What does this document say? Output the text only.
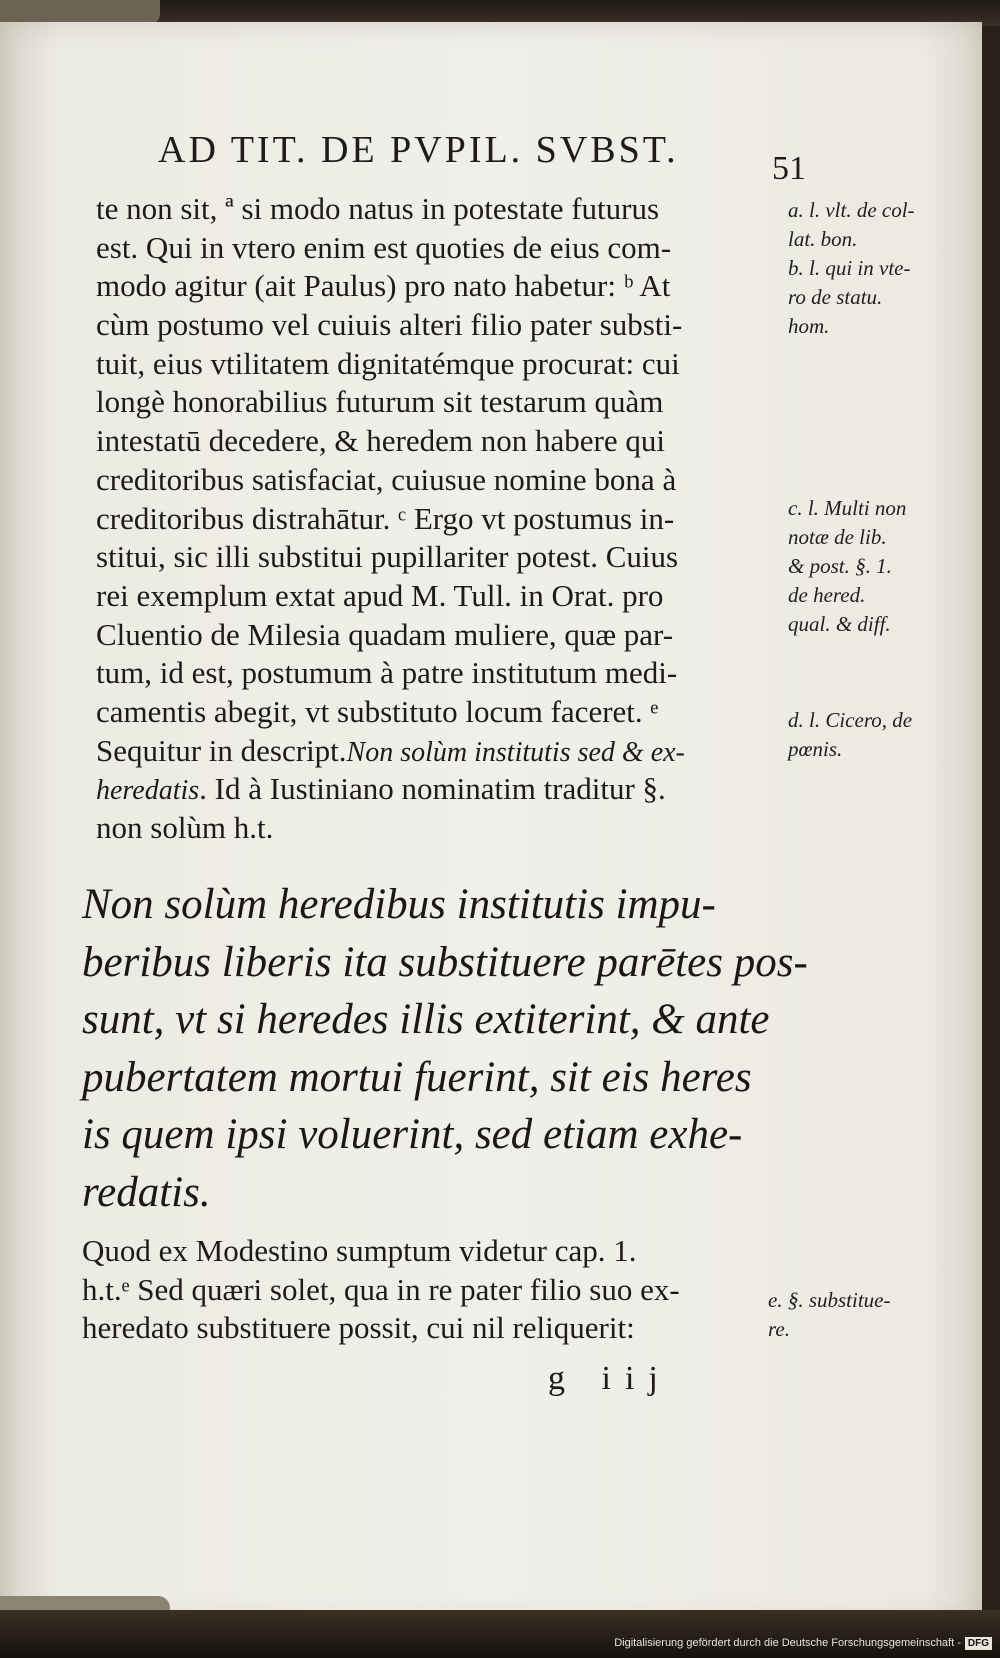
AD TIT. DE PVPIL. SVBST.	51
te non sit, ª si modo natus in potestate futurus
est. Qui in vtero enim est quoties de eius com-
modo agitur (ait Paulus) pro nato habetur: ᵇ At
cùm postumo vel cuiuis alteri filio pater substi-
tuit, eius vtilitatem dignitatémque procurat: cui
longè honorabilius futurum sit testarum quàm
intestatū decedere, & heredem non habere qui
creditoribus satisfaciat, cuiusue nomine bona à
creditoribus distrahātur. ᶜ Ergo vt postumus in-
stitui, sic illi substitui pupillariter potest. Cuius
rei exemplum extat apud M. Tull. in Orat. pro
Cluentio de Milesia quadam muliere, quæ par-
tum, id est, postumum à patre institutum medi-
camentis abegit, vt substituto locum faceret. ᵉ
Sequitur in descript.Non solùm institutis sed & ex-
heredatis. Id à Iustiniano nominatim traditur §.
non solùm h.t.
Non solùm heredibus institutis impu-
beribus liberis ita substituere parētes pos-
sunt, vt si heredes illis extiterint, & ante
pubertatem mortui fuerint, sit eis heres
is quem ipsi voluerint, sed etiam exhe-
redatis.
Quod ex Modestino sumptum videtur cap. 1.
h.t.ᵉ Sed quæri solet, qua in re pater filio suo ex-
heredato substituere possit, cui nil reliquerit:
a. l. vlt. de col-
lat. bon.
b. l. qui in vte-
ro de statu.
hom.
c. l. Multi non
notæ de lib.
& post. §. 1.
de hered.
qual. & diff.
d. l. Cicero, de
pœnis.
e. §. substitue-
re.
g iij
Digitalisierung gefördert durch die Deutsche Forschungsgemeinschaft - DFG
